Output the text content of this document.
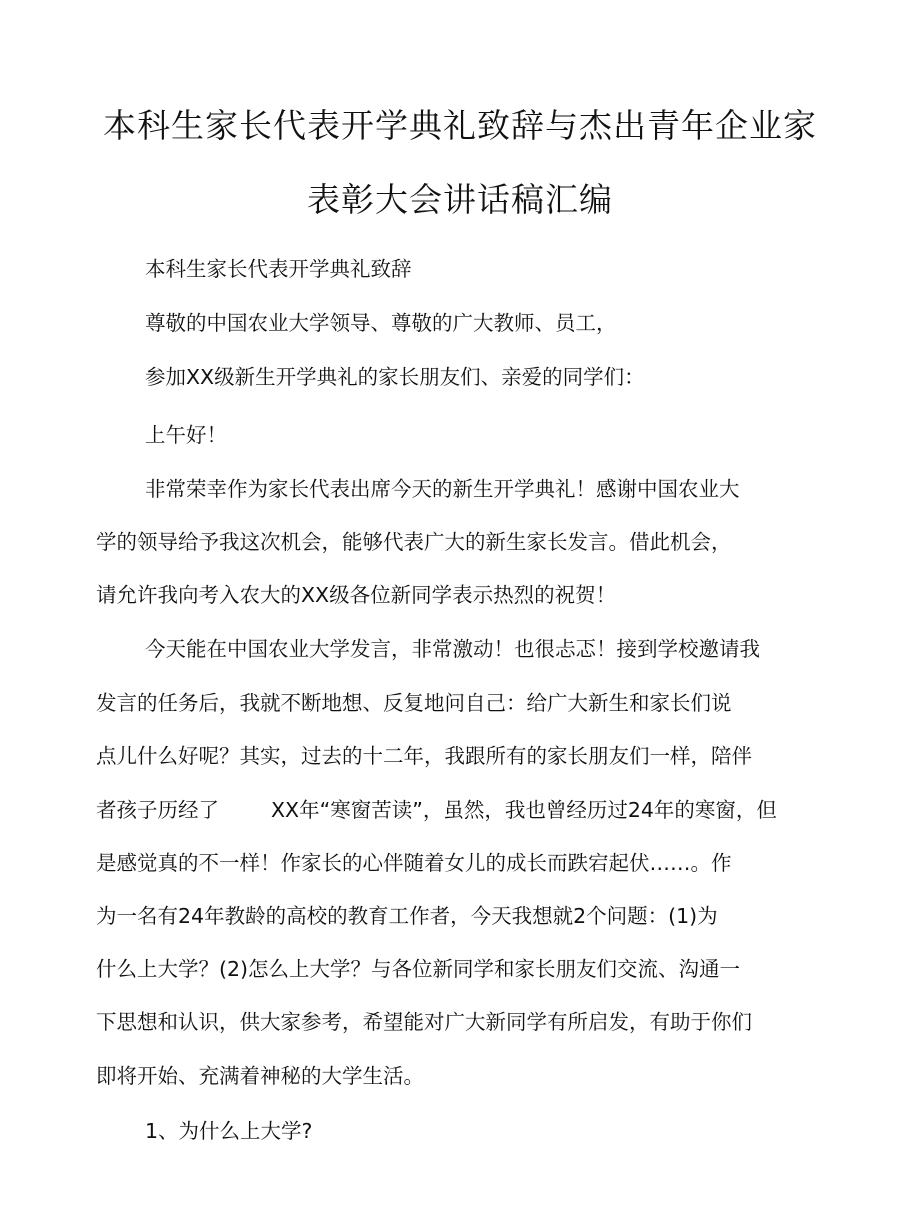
本科生家长代表开学典礼致辞与杰出青年企业家
表彰大会讲话稿汇编

本科生家长代表开学典礼致辞

尊敬的中国农业大学领导、尊敬的广大教师、员工，

参加XX级新生开学典礼的家长朋友们、亲爱的同学们：

上午好！

非常荣幸作为家长代表出席今天的新生开学典礼！感谢中国农业大

学的领导给予我这次机会，能够代表广大的新生家长发言。借此机会，

请允许我向考入农大的XX级各位新同学表示热烈的祝贺！

今天能在中国农业大学发言，非常激动！也很忐忑！接到学校邀请我

发言的任务后，我就不断地想、反复地问自己：给广大新生和家长们说

点儿什么好呢？其实，过去的十二年，我跟所有的家长朋友们一样，陪伴

者孩子历经了	XX年“寒窗苦读”，虽然，我也曾经历过24年的寒窗，但

是感觉真的不一样！作家长的心伴随着女儿的成长而跌宕起伏……。作

为一名有24年教龄的高校的教育工作者，今天我想就2个问题：(1)为

什么上大学？(2)怎么上大学？与各位新同学和家长朋友们交流、沟通一

下思想和认识，供大家参考，希望能对广大新同学有所启发，有助于你们

即将开始、充满着神秘的大学生活。

1、为什么上大学?
